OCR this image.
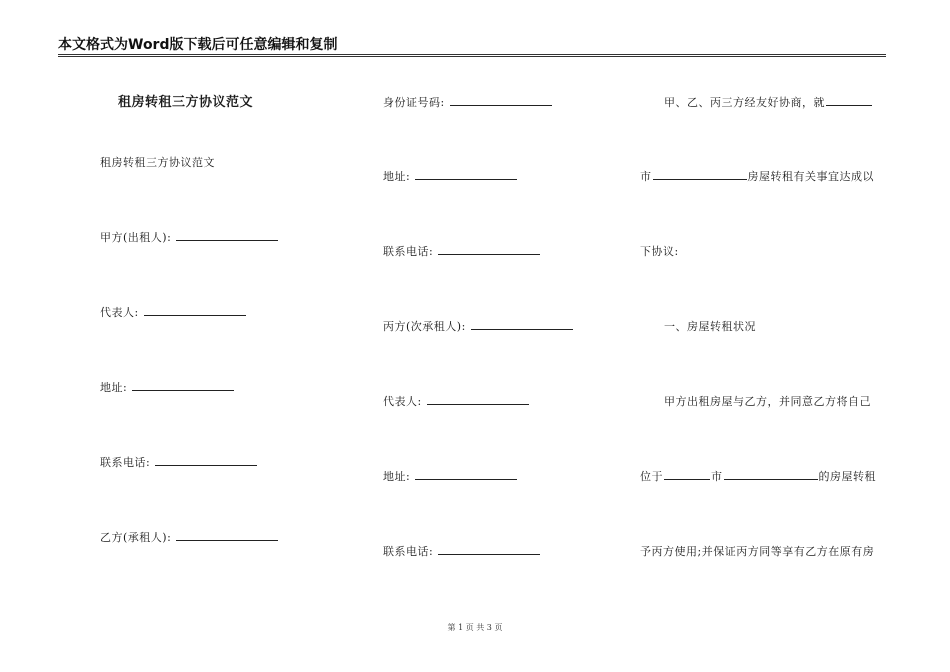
本文格式为Word版下载后可任意编辑和复制
租房转租三方协议范文
租房转租三方协议范文
甲方(出租人):
代表人:
地址:
联系电话:
乙方(承租人):
身份证号码:
地址:
联系电话:
丙方(次承租人):
代表人:
地址:
联系电话:
甲、乙、丙三方经友好协商，就
市	房屋转租有关事宜达成以
下协议:
一、房屋转租状况
甲方出租房屋与乙方，并同意乙方将自己
位于	市	的房屋转租
予丙方使用;并保证丙方同等享有乙方在原有房
第 1 页 共 3 页
